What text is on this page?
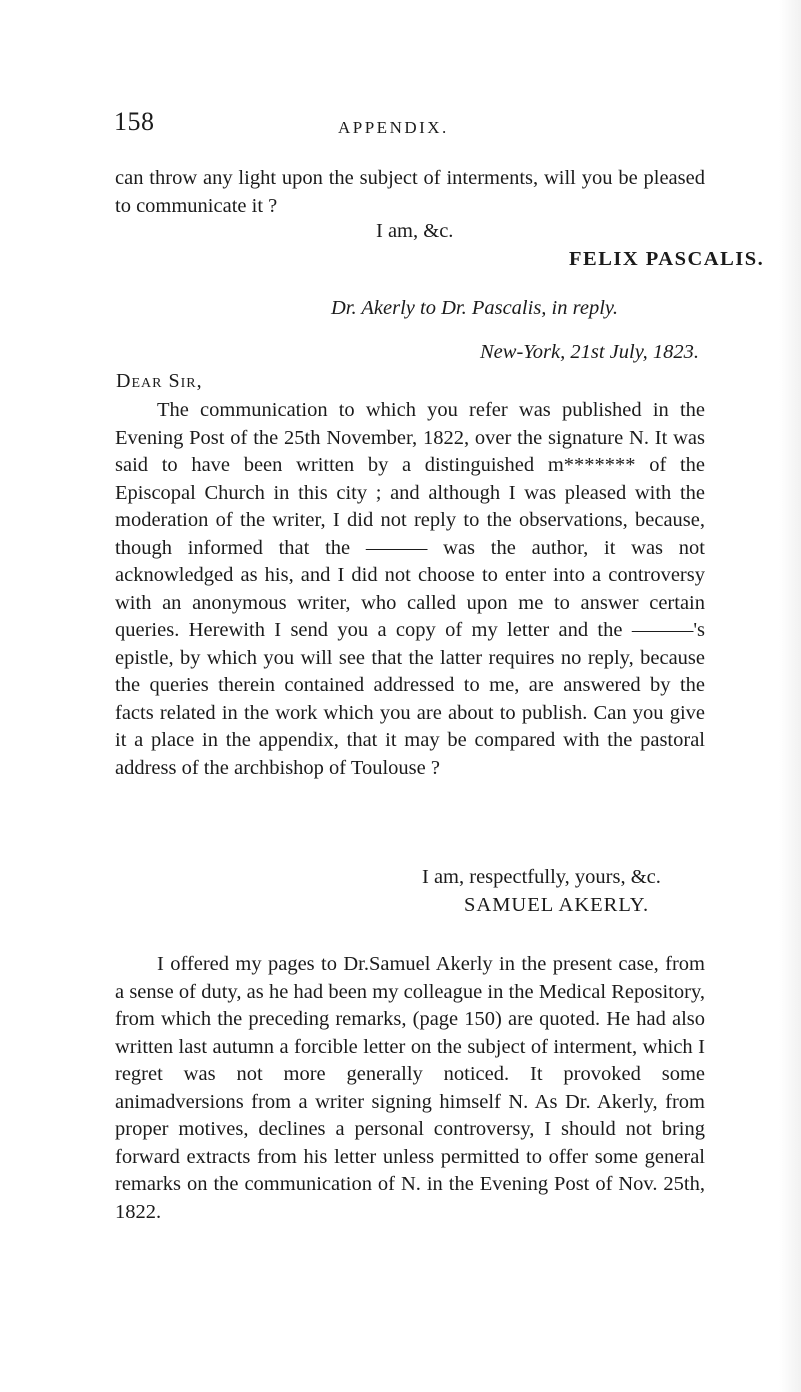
158	APPENDIX.
can throw any light upon the subject of interments, will you be pleased to communicate it ?
I am, &c.
FELIX PASCALIS.
Dr. Akerly to Dr. Pascalis, in reply.
New-York, 21st July, 1823.
Dear Sir,
The communication to which you refer was published in the Evening Post of the 25th November, 1822, over the signature N. It was said to have been written by a distinguished m******* of the Episcopal Church in this city ; and although I was pleased with the moderation of the writer, I did not reply to the observations, because, though informed that the ——— was the author, it was not acknowledged as his, and I did not choose to enter into a controversy with an anonymous writer, who called upon me to answer certain queries. Herewith I send you a copy of my letter and the ———'s epistle, by which you will see that the latter requires no reply, because the queries therein contained addressed to me, are answered by the facts related in the work which you are about to publish. Can you give it a place in the appendix, that it may be compared with the pastoral address of the archbishop of Toulouse ?
I am, respectfully, yours, &c.
SAMUEL AKERLY.
I offered my pages to Dr.Samuel Akerly in the present case, from a sense of duty, as he had been my colleague in the Medical Repository, from which the preceding remarks, (page 150) are quoted. He had also written last autumn a forcible letter on the subject of interment, which I regret was not more generally noticed. It provoked some animadversions from a writer signing himself N. As Dr. Akerly, from proper motives, declines a personal controversy, I should not bring forward extracts from his letter unless permitted to offer some general remarks on the communication of N. in the Evening Post of Nov. 25th, 1822.
